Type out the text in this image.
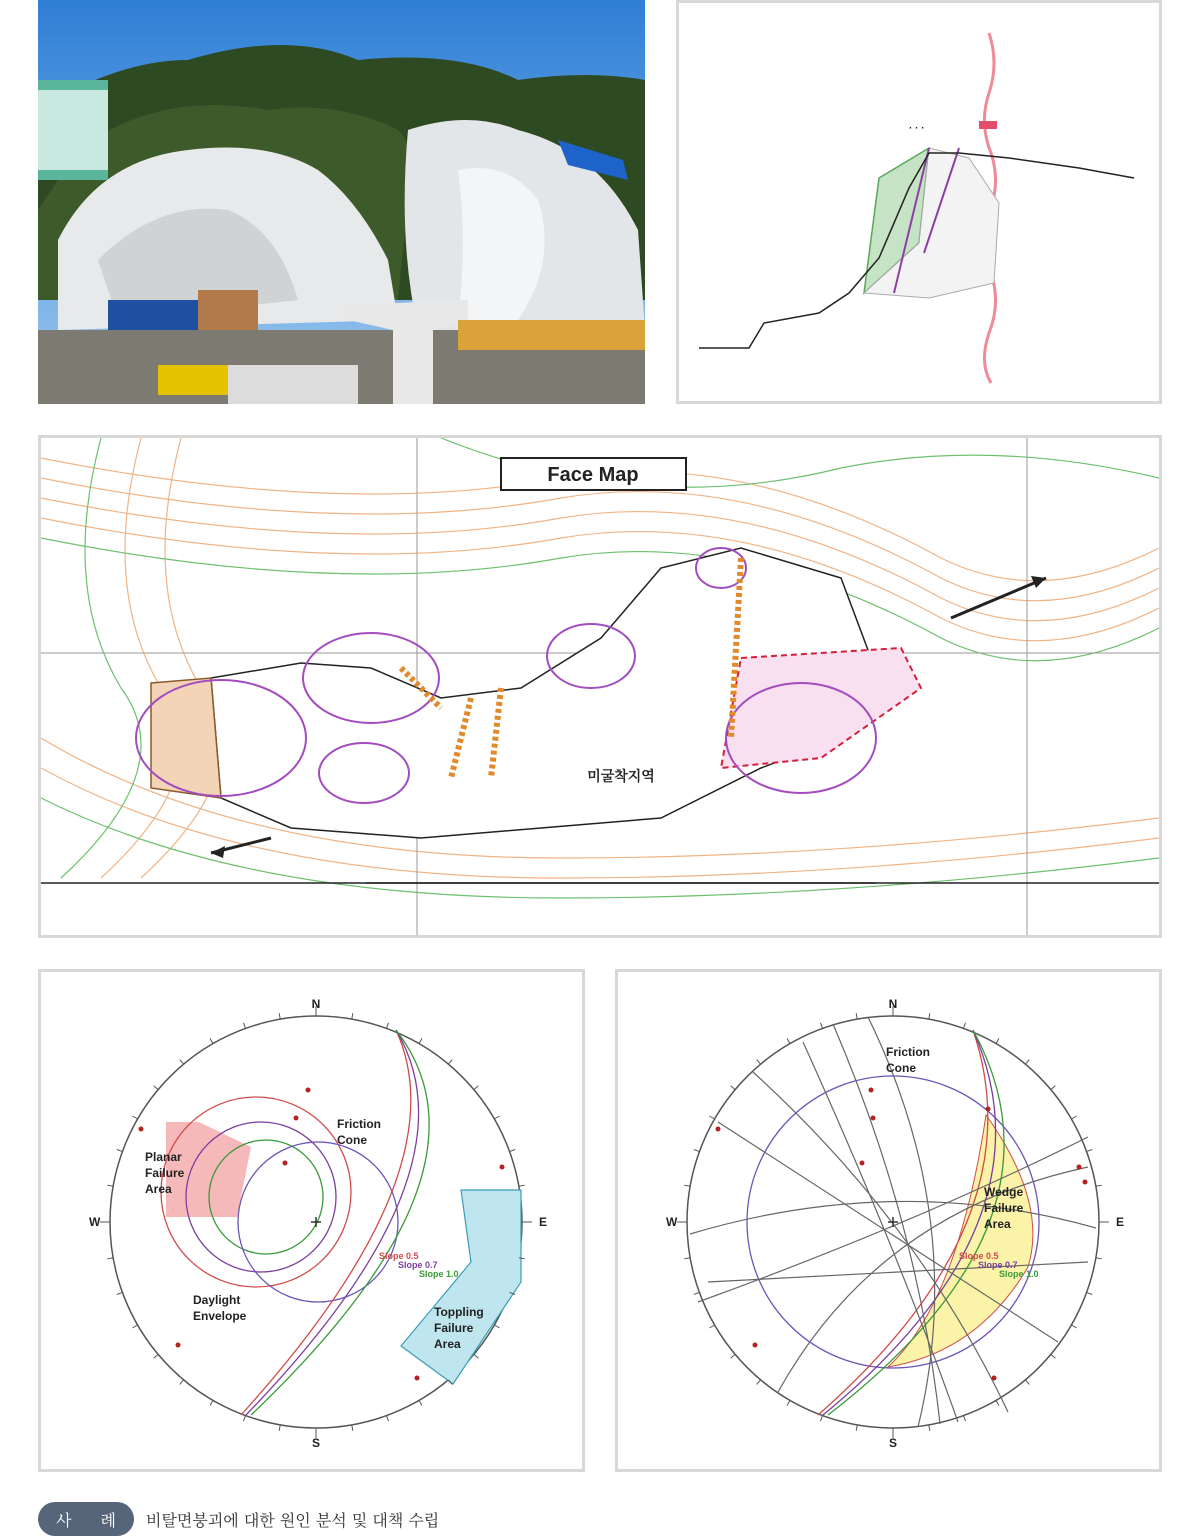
· · ·
Face Map
미굴착지역
N
S
E
W
Friction
Cone
Planar
Failure
Area
Daylight
Envelope	Toppling
Failure
Area
Slope 0.5
Slope 0.7
Slope 1.0
N
S
E
W
Friction
Cone
Wedge
Failure
Area
Slope 0.5
Slope 0.7
Slope 1.0
사 례	비탈면붕괴에 대한 원인 분석 및 대책 수립
